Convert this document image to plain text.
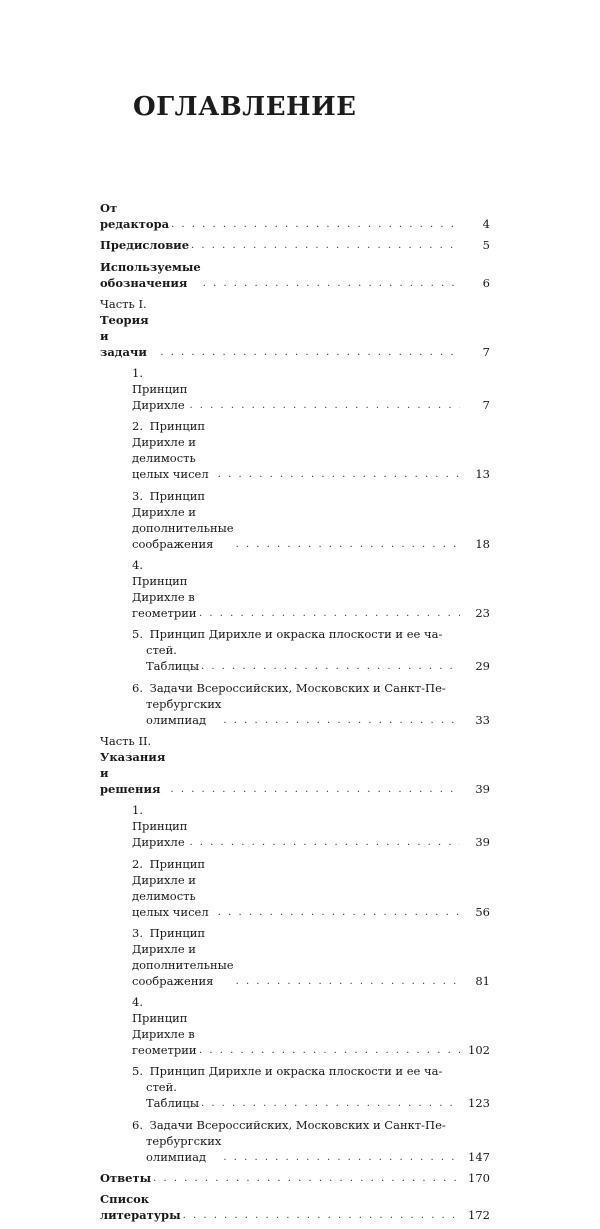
ОГЛАВЛЕНИЕ
От редактора . . .	4
Предисловие . . .	5
Используемые обозначения . . .	6
Часть I. Теория и задачи . . .	7
1. Принцип Дирихле . . .	7
2. Принцип Дирихле и делимость целых чисел . . .	13
3. Принцип Дирихле и дополнительные соображения . . .	18
4. Принцип Дирихле в геометрии . . .	23
5. Принцип Дирихле и окраска плоскости и ее ча-
стей. Таблицы . . .	29
6. Задачи Всероссийских, Московских и Санкт-Пе-
тербургских олимпиад . . .	33
Часть II. Указания и решения . . .	39
1. Принцип Дирихле . . .	39
2. Принцип Дирихле и делимость целых чисел . . .	56
3. Принцип Дирихле и дополнительные соображения . . .	81
4. Принцип Дирихле в геометрии . . .	102
5. Принцип Дирихле и окраска плоскости и ее ча-
стей. Таблицы . . .	123
6. Задачи Всероссийских, Московских и Санкт-Пе-
тербургских олимпиад . . .	147
Ответы . . .	170
Список литературы . . .	172
